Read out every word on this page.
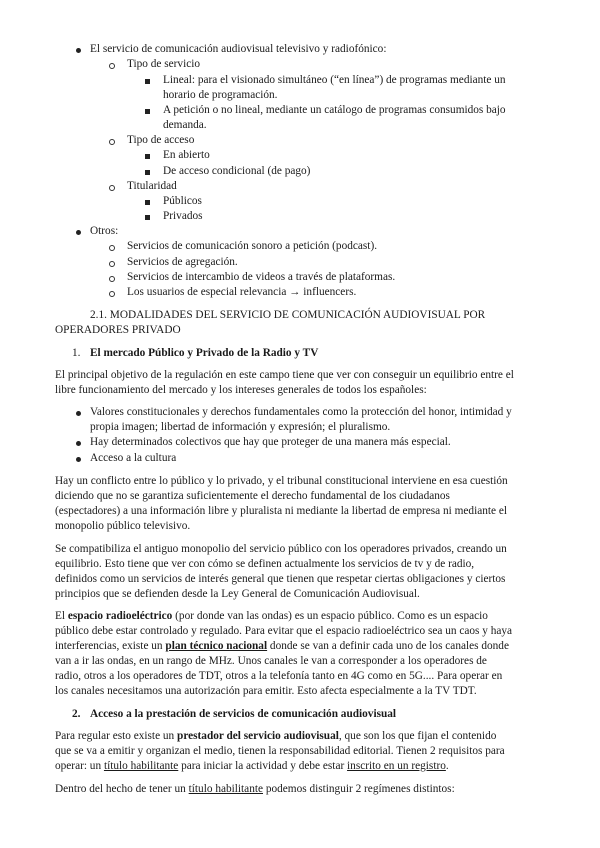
El servicio de comunicación audiovisual televisivo y radiofónico:
Tipo de servicio
Lineal: para el visionado simultáneo (“en línea”) de programas mediante un
horario de programación.
A petición o no lineal, mediante un catálogo de programas consumidos bajo
demanda.
Tipo de acceso
En abierto
De acceso condicional (de pago)
Titularidad
Públicos
Privados
Otros:
Servicios de comunicación sonoro a petición (podcast).
Servicios de agregación.
Servicios de intercambio de videos a través de plataformas.
Los usuarios de especial relevancia → influencers.
2.1. MODALIDADES DEL SERVICIO DE COMUNICACIÓN AUDIOVISUAL POR
OPERADORES PRIVADO
1. El mercado Público y Privado de la Radio y TV
El principal objetivo de la regulación en este campo tiene que ver con conseguir un equilibrio entre el
libre funcionamiento del mercado y los intereses generales de todos los españoles:
Valores constitucionales y derechos fundamentales como la protección del honor, intimidad y
propia imagen; libertad de información y expresión; el pluralismo.
Hay determinados colectivos que hay que proteger de una manera más especial.
Acceso a la cultura
Hay un conflicto entre lo público y lo privado, y el tribunal constitucional interviene en esa cuestión
diciendo que no se garantiza suficientemente el derecho fundamental de los ciudadanos
(espectadores) a una información libre y pluralista ni mediante la libertad de empresa ni mediante el
monopolio público televisivo.
Se compatibiliza el antiguo monopolio del servicio público con los operadores privados, creando un
equilibrio. Esto tiene que ver con cómo se definen actualmente los servicios de tv y de radio,
definidos como un servicios de interés general que tienen que respetar ciertas obligaciones y ciertos
principios que se defienden desde la Ley General de Comunicación Audiovisual.
El espacio radioeléctrico (por donde van las ondas) es un espacio público. Como es un espacio
público debe estar controlado y regulado. Para evitar que el espacio radioeléctrico sea un caos y haya
interferencias, existe un plan técnico nacional donde se van a definir cada uno de los canales donde
van a ir las ondas, en un rango de MHz. Unos canales le van a corresponder a los operadores de
radio, otros a los operadores de TDT, otros a la telefonía tanto en 4G como en 5G.... Para operar en
los canales necesitamos una autorización para emitir. Esto afecta especialmente a la TV TDT.
2. Acceso a la prestación de servicios de comunicación audiovisual
Para regular esto existe un prestador del servicio audiovisual, que son los que fijan el contenido
que se va a emitir y organizan el medio, tienen la responsabilidad editorial. Tienen 2 requisitos para
operar: un título habilitante para iniciar la actividad y debe estar inscrito en un registro.
Dentro del hecho de tener un título habilitante podemos distinguir 2 regímenes distintos:
